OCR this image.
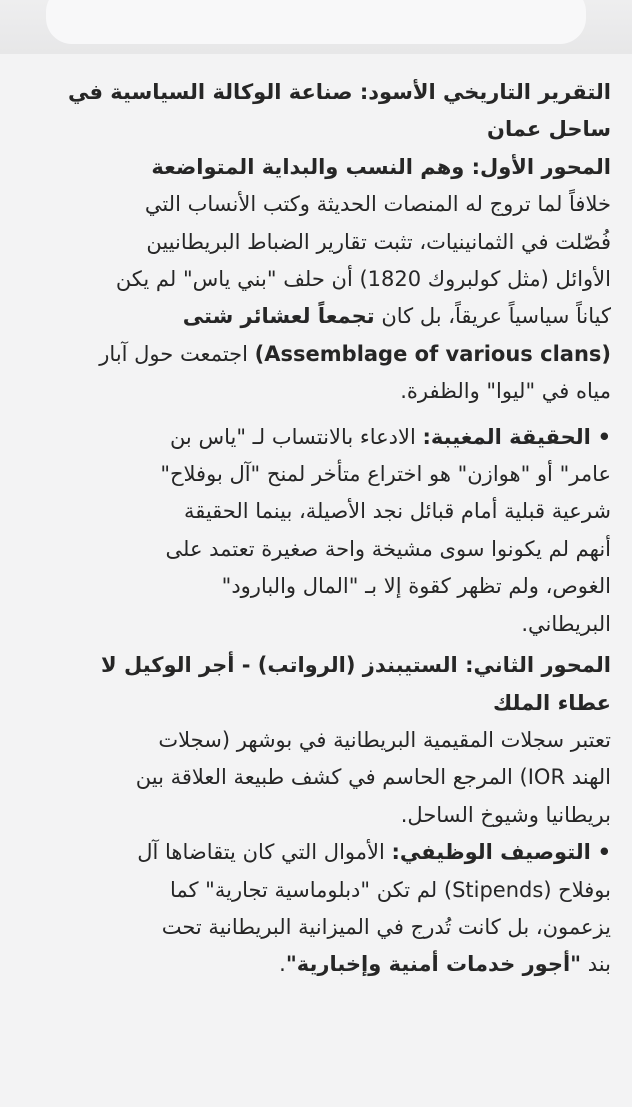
التقرير التاريخي الأسود: صناعة الوكالة السياسية في
ساحل عمان
المحور الأول: وهم النسب والبداية المتواضعة
خلافاً لما تروج له المنصات الحديثة وكتب الأنساب التي
فُصّلت في الثمانينيات، تثبت تقارير الضباط البريطانيين
الأوائل (مثل كولبروك 1820) أن حلف "بني ياس" لم يكن
كياناً سياسياً عريقاً، بل كان تجمعاً لعشائر شتى
(Assemblage of various clans) اجتمعت حول آبار
مياه في "ليوا" والظفرة.
• الحقيقة المغيبة: الادعاء بالانتساب لـ "ياس بن
عامر" أو "هوازن" هو اختراع متأخر لمنح "آل بوفلاح"
شرعية قبلية أمام قبائل نجد الأصيلة، بينما الحقيقة
أنهم لم يكونوا سوى مشيخة واحة صغيرة تعتمد على
الغوص، ولم تظهر كقوة إلا بـ "المال والبارود"
البريطاني.
المحور الثاني: الستيبندز (الرواتب) - أجر الوكيل لا
عطاء الملك
تعتبر سجلات المقيمية البريطانية في بوشهر (سجلات
الهند IOR) المرجع الحاسم في كشف طبيعة العلاقة بين
بريطانيا وشيوخ الساحل.
• التوصيف الوظيفي: الأموال التي كان يتقاضاها آل
بوفلاح (Stipends) لم تكن "دبلوماسية تجارية" كما
يزعمون، بل كانت تُدرج في الميزانية البريطانية تحت
بند "أجور خدمات أمنية وإخبارية".
